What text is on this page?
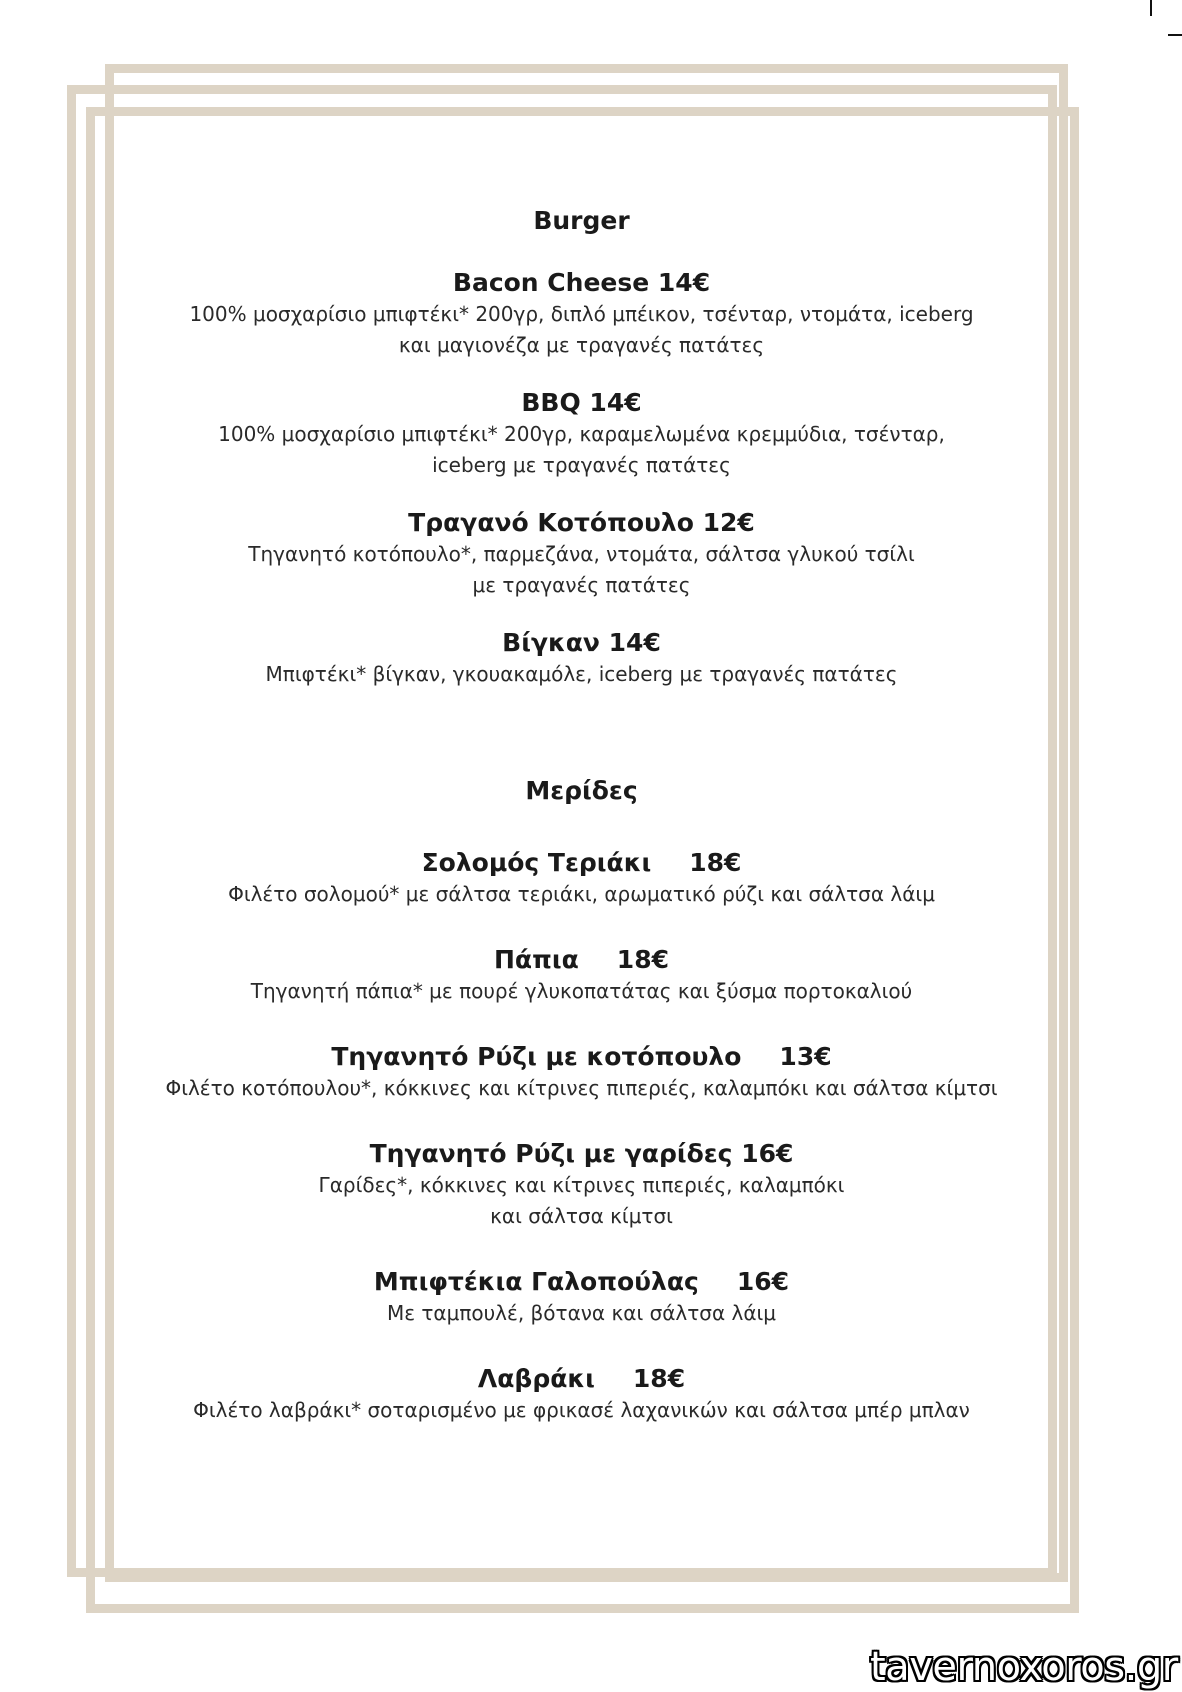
Burger

Bacon Cheese 14€

100% μοσχαρίσιο μπιφτέκι* 200γρ, διπλό μπέικον, τσένταρ, ντομάτα, iceberg

και μαγιονέζα με τραγανές πατάτες

BBQ 14€

100% μοσχαρίσιο μπιφτέκι* 200γρ, καραμελωμένα κρεμμύδια, τσένταρ,

iceberg με τραγανές πατάτες

Τραγανό Κοτόπουλο 12€

Τηγανητό κοτόπουλο*, παρμεζάνα, ντομάτα, σάλτσα γλυκού τσίλι

με τραγανές πατάτες

Βίγκαν 14€

Μπιφτέκι* βίγκαν, γκουακαμόλε, iceberg με τραγανές πατάτες

Μερίδες

Σολομός Τεριάκι 18€

Φιλέτο σολομού* με σάλτσα τεριάκι, αρωματικό ρύζι και σάλτσα λάιμ

Πάπια 18€

Τηγανητή πάπια* με πουρέ γλυκοπατάτας και ξύσμα πορτοκαλιού

Τηγανητό Ρύζι με κοτόπουλο 13€

Φιλέτο κοτόπουλου*, κόκκινες και κίτρινες πιπεριές, καλαμπόκι και σάλτσα κίμτσι

Τηγανητό Ρύζι με γαρίδες 16€

Γαρίδες*, κόκκινες και κίτρινες πιπεριές, καλαμπόκι

και σάλτσα κίμτσι

Μπιφτέκια Γαλοπούλας 16€

Με ταμπουλέ, βότανα και σάλτσα λάιμ

Λαβράκι 18€

Φιλέτο λαβράκι* σοταρισμένο με φρικασέ λαχανικών και σάλτσα μπέρ μπλαν

tavernoxoros.gr
